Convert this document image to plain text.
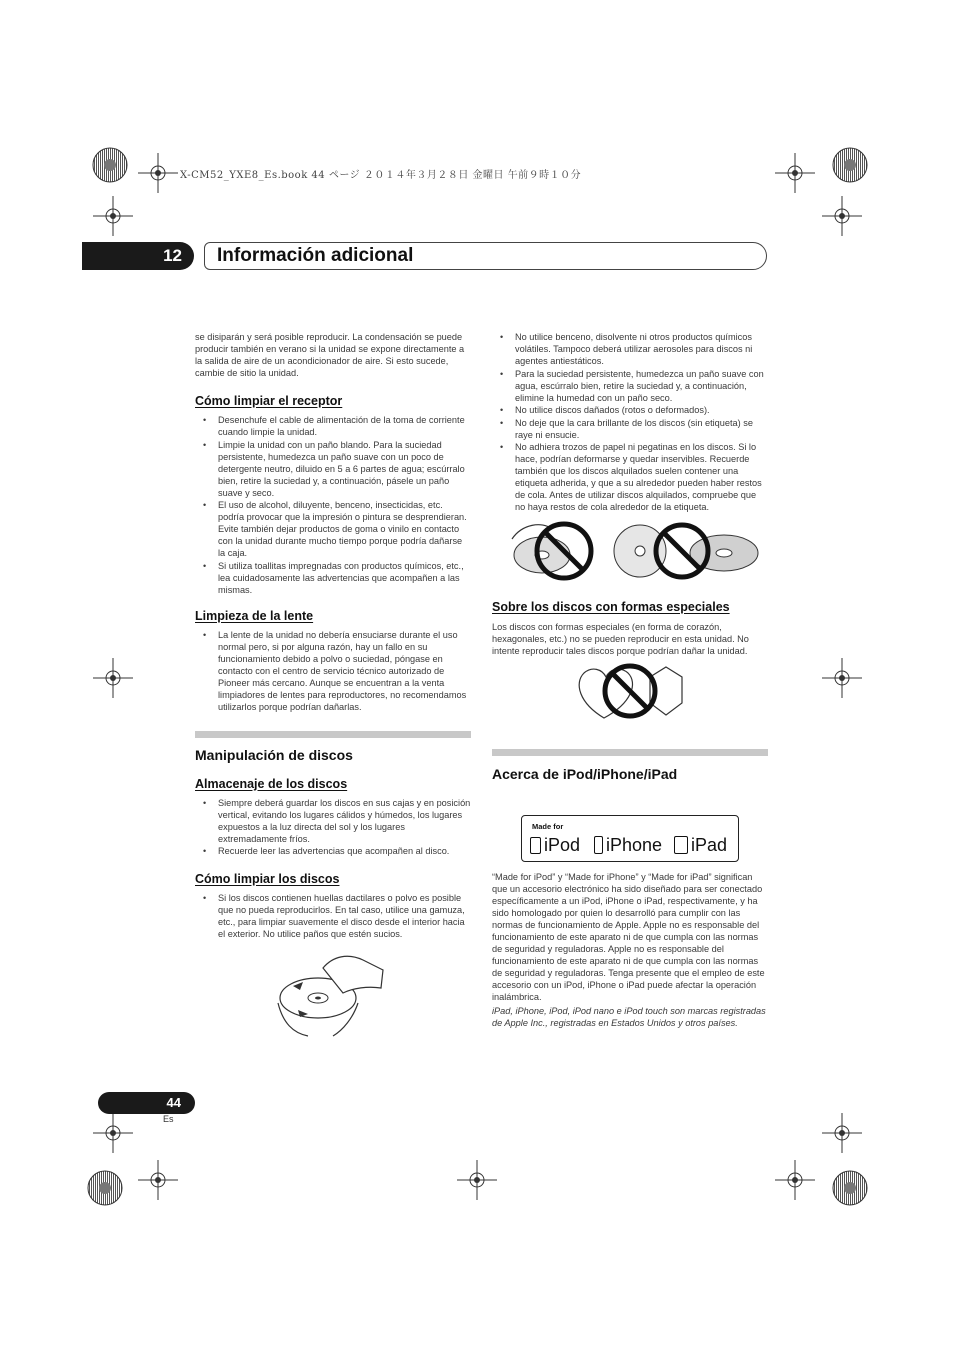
X-CM52_YXE8_Es.book 44 ページ ２０１４年３月２８日 金曜日 午前９時１０分
12	Información adicional

se disiparán y será posible reproducir. La condensación se puede producir también en verano si la unidad se expone directamente a la salida de aire de un acondicionador de aire. Si esto sucede, cambie de sitio la unidad.

Cómo limpiar el receptor
• Desenchufe el cable de alimentación de la toma de corriente cuando limpie la unidad.
• Limpie la unidad con un paño blando. Para la suciedad persistente, humedezca un paño suave con un poco de detergente neutro, diluido en 5 a 6 partes de agua; escúrralo bien, retire la suciedad y, a continuación, pásele un paño suave y seco.
• El uso de alcohol, diluyente, benceno, insecticidas, etc. podría provocar que la impresión o pintura se desprendieran. Evite también dejar productos de goma o vinilo en contacto con la unidad durante mucho tiempo porque podría dañarse la caja.
• Si utiliza toallitas impregnadas con productos químicos, etc., lea cuidadosamente las advertencias que acompañen a las mismas.
Limpieza de la lente
• La lente de la unidad no debería ensuciarse durante el uso normal pero, si por alguna razón, hay un fallo en su funcionamiento debido a polvo o suciedad, póngase en contacto con el centro de servicio técnico autorizado de Pioneer más cercano. Aunque se encuentran a la venta limpiadores de lentes para reproductores, no recomendamos utilizarlos porque podrían dañarlas.
Manipulación de discos
Almacenaje de los discos
• Siempre deberá guardar los discos en sus cajas y en posición vertical, evitando los lugares cálidos y húmedos, los lugares expuestos a la luz directa del sol y los lugares extremadamente fríos.
• Recuerde leer las advertencias que acompañen al disco.
Cómo limpiar los discos
• Si los discos contienen huellas dactilares o polvo es posible que no pueda reproducirlos. En tal caso, utilice una gamuza, etc., para limpiar suavemente el disco desde el interior hacia el exterior. No utilice paños que estén sucios.
• No utilice benceno, disolvente ni otros productos químicos volátiles. Tampoco deberá utilizar aerosoles para discos ni agentes antiestáticos.
• Para la suciedad persistente, humedezca un paño suave con agua, escúrralo bien, retire la suciedad y, a continuación, elimine la humedad con un paño seco.
• No utilice discos dañados (rotos o deformados).
• No deje que la cara brillante de los discos (sin etiqueta) se raye ni ensucie.
• No adhiera trozos de papel ni pegatinas en los discos. Si lo hace, podrían deformarse y quedar inservibles. Recuerde también que los discos alquilados suelen contener una etiqueta adherida, y que a su alrededor pueden haber restos de cola. Antes de utilizar discos alquilados, compruebe que no haya restos de cola alrededor de la etiqueta.
Sobre los discos con formas especiales

Los discos con formas especiales (en forma de corazón, hexagonales, etc.) no se pueden reproducir en esta unidad. No intente reproducir tales discos porque podrían dañar la unidad.

Acerca de iPod/iPhone/iPad

“Made for iPod” y “Made for iPhone” y “Made for iPad” significan que un accesorio electrónico ha sido diseñado para ser conectado específicamente a un iPod, iPhone o iPad, respectivamente, y ha sido homologado por quien lo desarrolló para cumplir con las normas de funcionamiento de Apple. Apple no es responsable del funcionamiento de este aparato ni de que cumpla con las normas de seguridad y reguladoras. Apple no es responsable del funcionamiento de este aparato ni de que cumpla con las normas de seguridad y reguladoras. Tenga presente que el empleo de este accesorio con un iPod, iPhone o iPad puede afectar la operación inalámbrica.

iPad, iPhone, iPod, iPod nano e iPod touch son marcas registradas de Apple Inc., registradas en Estados Unidos y otros países.

Made for
iPod	iPhone	iPad
44
Es
